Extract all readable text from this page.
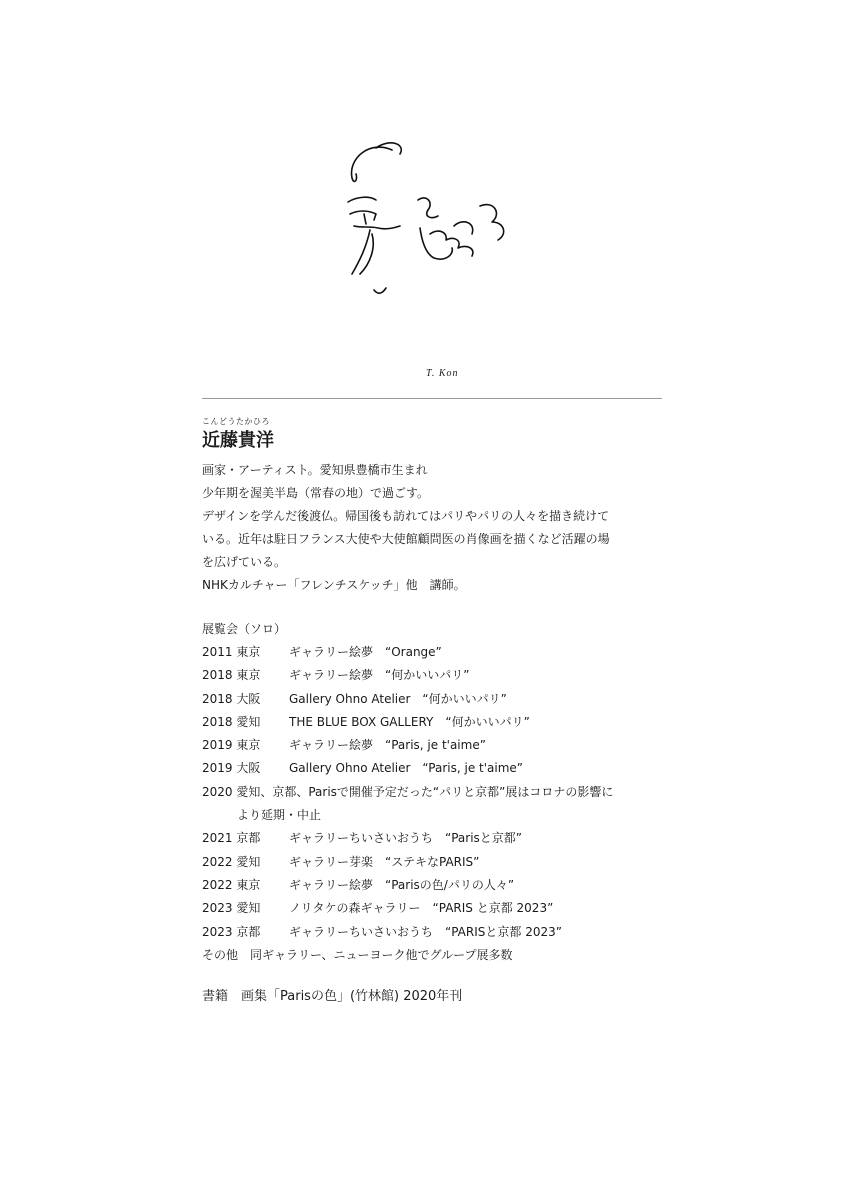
T. Kon
こんどうたかひろ
近藤貴洋

画家・アーティスト。愛知県豊橋市生まれ

少年期を渥美半島（常春の地）で過ごす。

デザインを学んだ後渡仏。帰国後も訪れてはパリやパリの人々を描き続けて

いる。近年は駐日フランス大使や大使館顧問医の肖像画を描くなど活躍の場

を広げている。

NHKカルチャー「フレンチスケッチ」他　講師。

展覧会（ソロ）
2011 東京	ギャラリー絵夢　“Orange”
2018 東京	ギャラリー絵夢　“何かいいパリ”
2018 大阪	Gallery Ohno Atelier　“何かいいパリ”
2018 愛知	THE BLUE BOX GALLERY　“何かいいパリ”
2019 東京	ギャラリー絵夢　“Paris, je t'aime”
2019 大阪	Gallery Ohno Atelier　“Paris, je t'aime”
2020 愛知、京都、Parisで開催予定だった“パリと京都”展はコロナの影響に
より延期・中止
2021 京都	ギャラリーちいさいおうち　“Parisと京都”
2022 愛知	ギャラリー芽楽　“ステキなPARIS”
2022 東京	ギャラリー絵夢　“Parisの色/パリの人々”
2023 愛知	ノリタケの森ギャラリー　“PARIS と京都 2023”
2023 京都	ギャラリーちいさいおうち　“PARISと京都 2023”
その他　同ギャラリー、ニューヨーク他でグループ展多数
書籍　画集「Parisの色」(竹林館) 2020年刊
